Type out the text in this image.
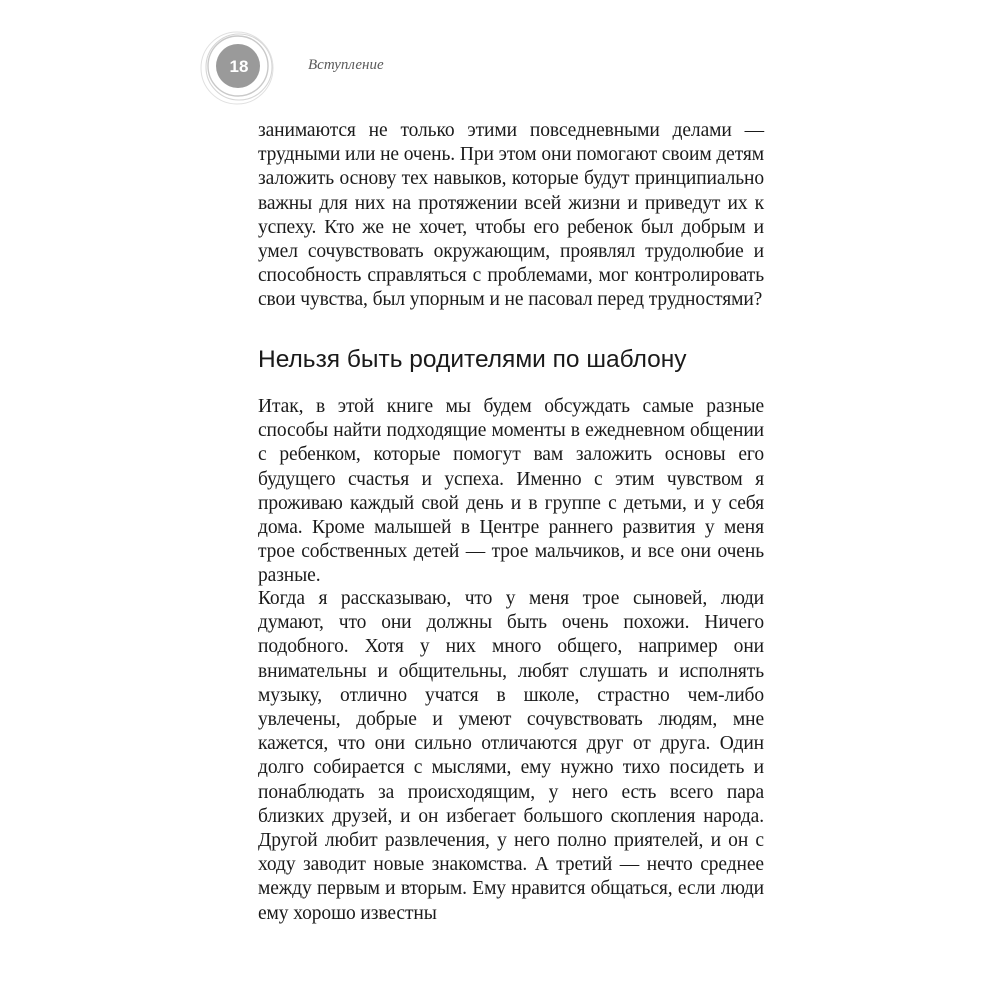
18	Вступление

занимаются не только этими повседневными делами — трудными или не очень. При этом они помогают своим детям заложить основу тех навыков, которые будут принципиально важны для них на протяжении всей жизни и приведут их к успеху. Кто же не хочет, чтобы его ребенок был добрым и умел сочувствовать окружающим, проявлял трудолюбие и способность справляться с проблемами, мог контролировать свои чувства, был упорным и не пасовал перед трудностями?

Нельзя быть родителями по шаблону

Итак, в этой книге мы будем обсуждать самые разные способы найти подходящие моменты в ежедневном общении с ребенком, которые помогут вам заложить основы его будущего счастья и успеха. Именно с этим чувством я проживаю каждый свой день и в группе с детьми, и у себя дома. Кроме малышей в Центре раннего развития у меня трое собственных детей — трое мальчиков, и все они очень разные.

Когда я рассказываю, что у меня трое сыновей, люди думают, что они должны быть очень похожи. Ничего подобного. Хотя у них много общего, например они внимательны и общительны, любят слушать и исполнять музыку, отлично учатся в школе, страстно чем-либо увлечены, добрые и умеют сочувствовать людям, мне кажется, что они сильно отличаются друг от друга. Один долго собирается с мыслями, ему нужно тихо посидеть и понаблюдать за происходящим, у него есть всего пара близких друзей, и он избегает большого скопления народа. Другой любит развлечения, у него полно приятелей, и он с ходу заводит новые знакомства. А третий — нечто среднее между первым и вторым. Ему нравится общаться, если люди ему хорошо известны
